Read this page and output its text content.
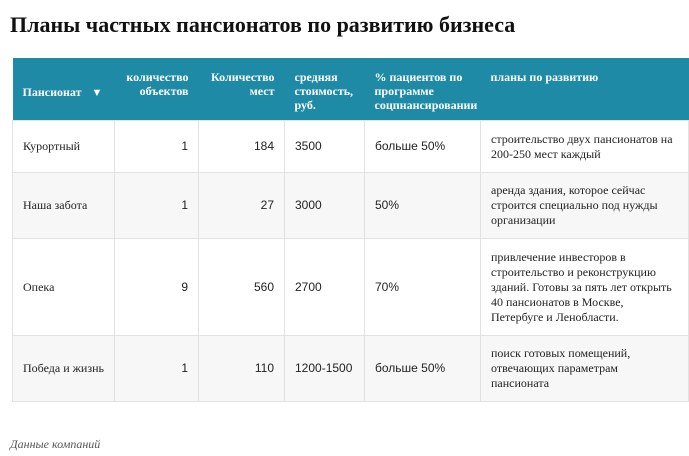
Планы частных пансионатов по развитию бизнеса
Пансионат ▼	количество объектов	Количество мест	средняя стоимость, руб.	% пациентов по программе соцпнансировании	планы по развитию
Курортный	1	184	3500	больше 50%	строительство двух пансионатов на 200-250 мест каждый
Наша забота	1	27	3000	50%	аренда здания, которое сейчас строится специально под нужды организации
Опека	9	560	2700	70%	привлечение инвесторов в строительство и реконструкцию зданий. Готовы за пять лет открыть 40 пансионатов в Москве, Петербуге и Ленобласти.
Победа и жизнь	1	110	1200-1500	больше 50%	поиск готовых помещений, отвечающих параметрам пансионата
Данные компаний
